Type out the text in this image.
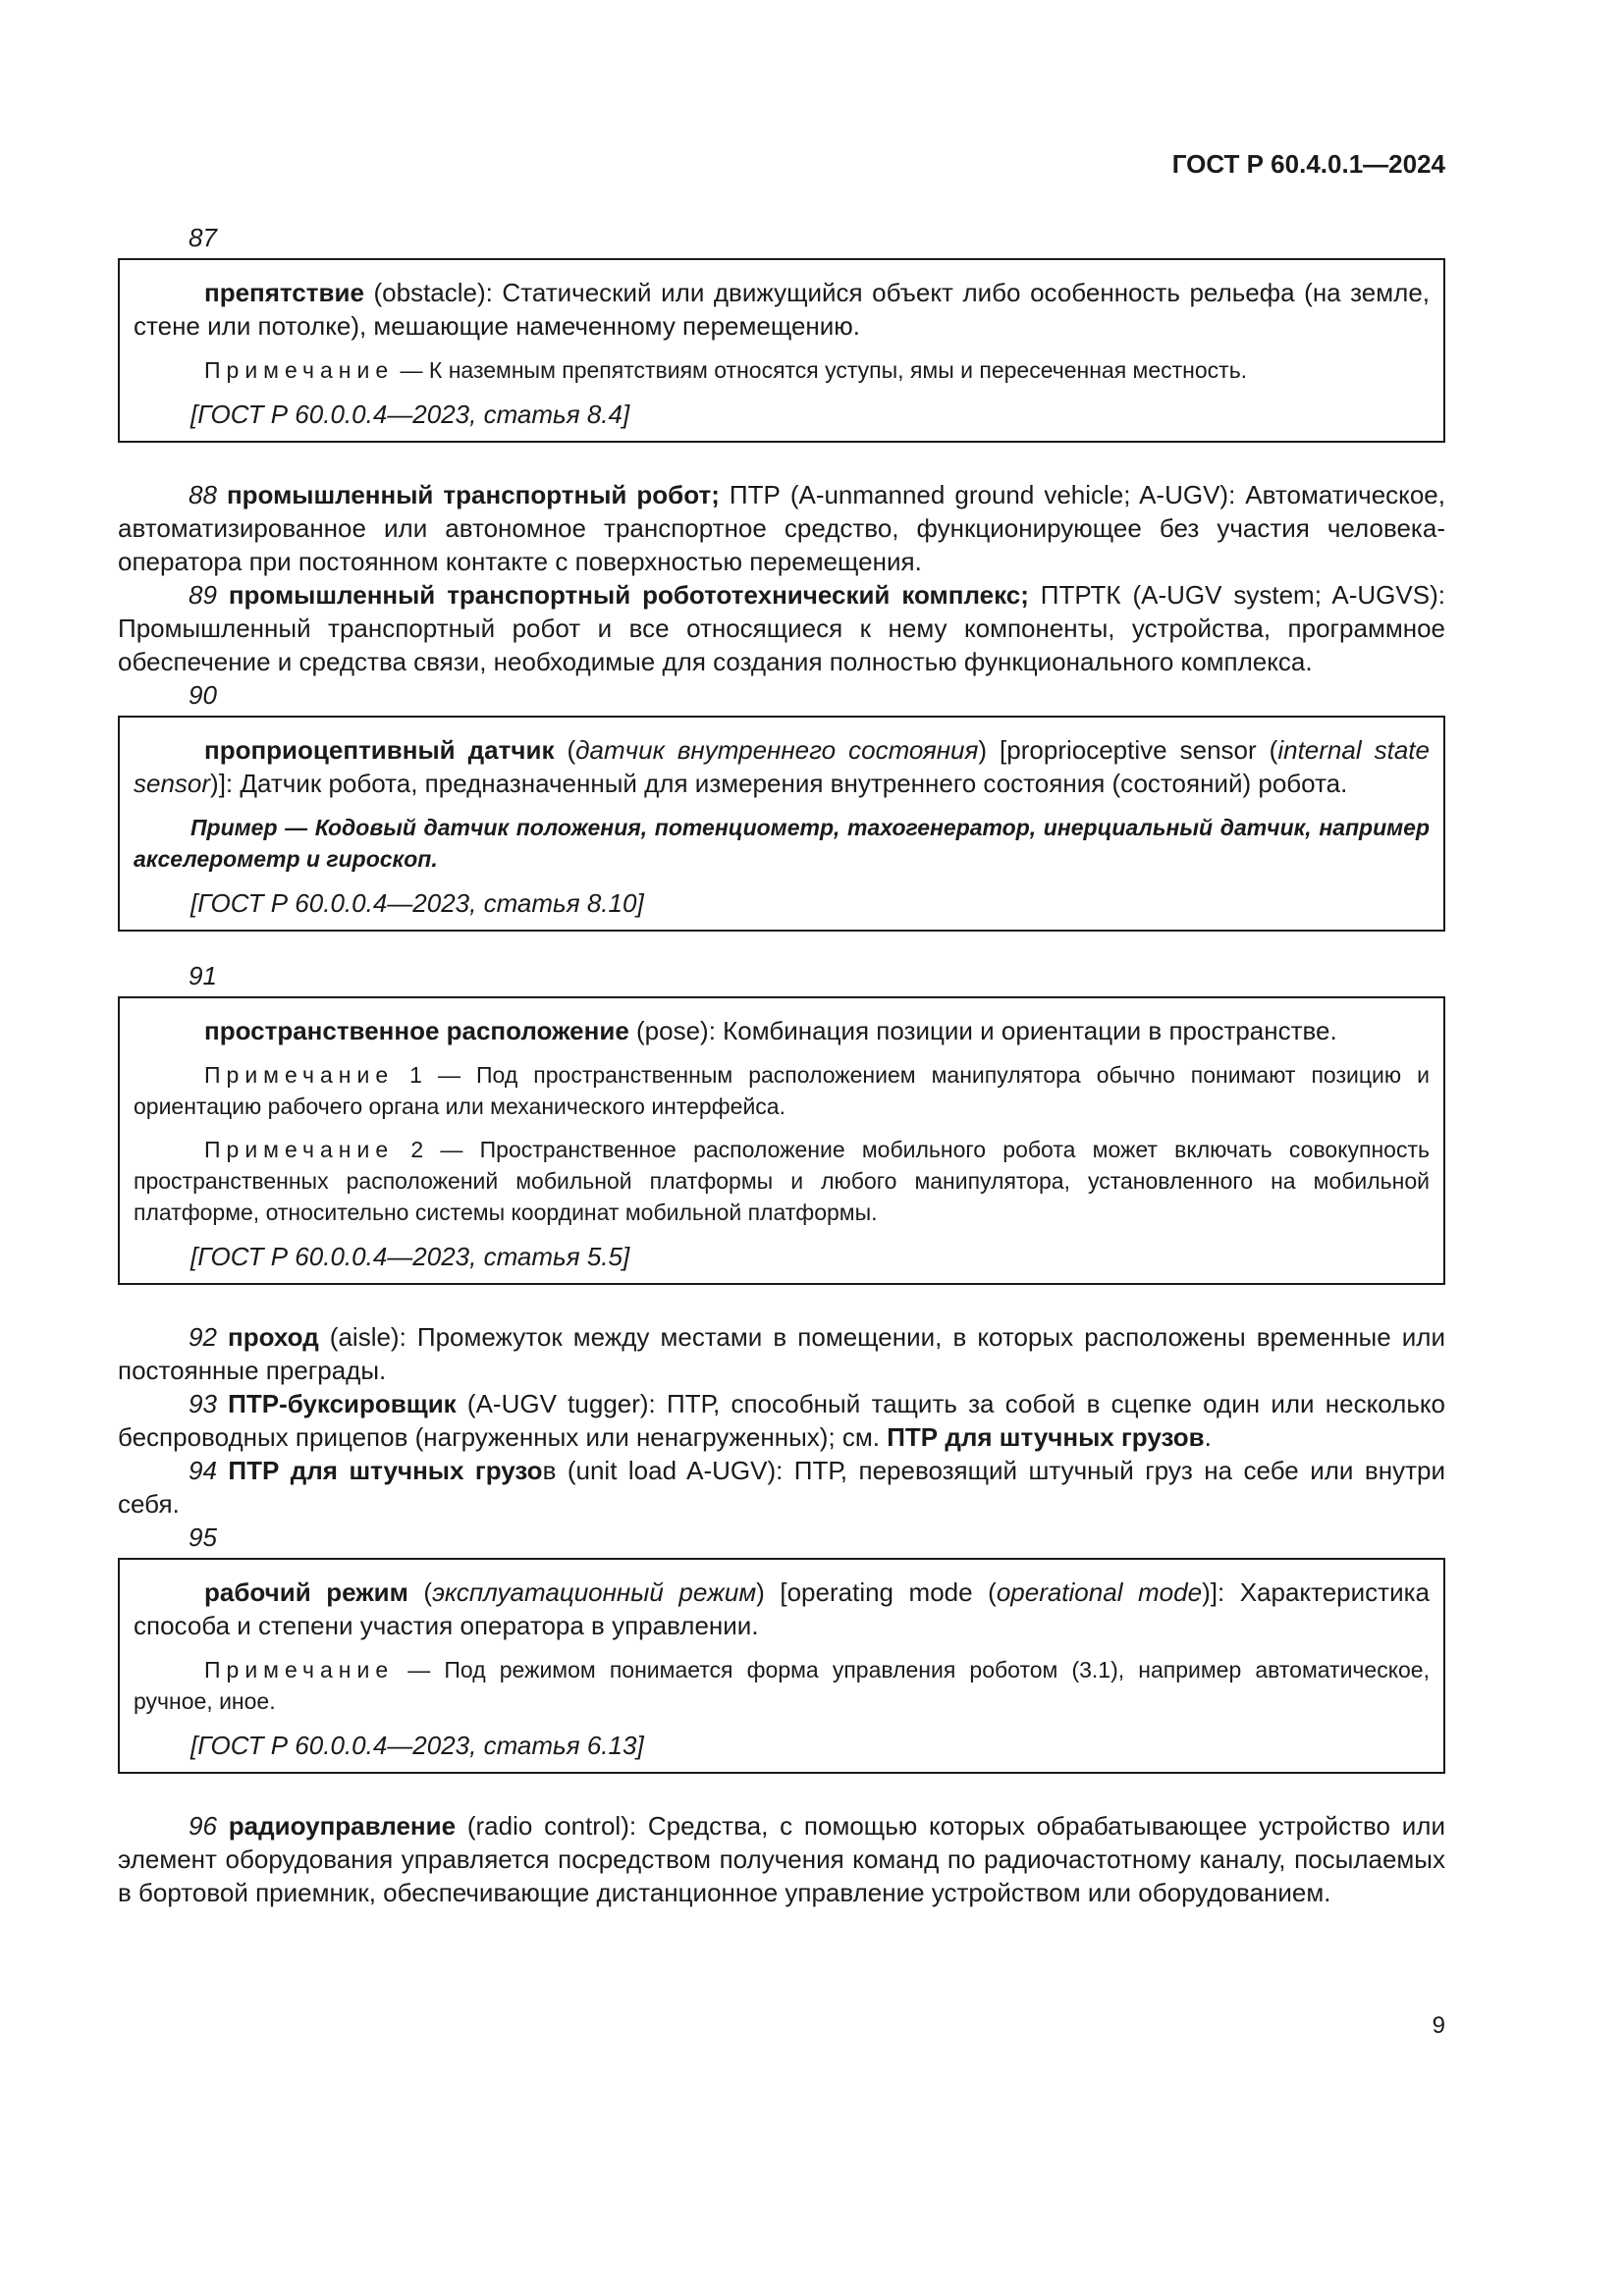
ГОСТ Р 60.4.0.1—2024
87

препятствие (obstacle): Статический или движущийся объект либо особенность рельефа (на земле, стене или потолке), мешающие намеченному перемещению.

Примечание — К наземным препятствиям относятся уступы, ямы и пересеченная местность.

[ГОСТ Р 60.0.0.4—2023, статья 8.4]

88 промышленный транспортный робот; ПТР (A-unmanned ground vehicle; A-UGV): Автоматическое, автоматизированное или автономное транспортное средство, функционирующее без участия человека-оператора при постоянном контакте с поверхностью перемещения.

89 промышленный транспортный робототехнический комплекс; ПТРТК (A-UGV system; A-UGVS): Промышленный транспортный робот и все относящиеся к нему компоненты, устройства, программное обеспечение и средства связи, необходимые для создания полностью функционального комплекса.

90

проприоцептивный датчик (датчик внутреннего состояния) [proprioceptive sensor (internal state sensor)]: Датчик робота, предназначенный для измерения внутреннего состояния (состояний) робота.

Пример — Кодовый датчик положения, потенциометр, тахогенератор, инерциальный датчик, например акселерометр и гироскоп.

[ГОСТ Р 60.0.0.4—2023, статья 8.10]

91

пространственное расположение (pose): Комбинация позиции и ориентации в пространстве.

Примечание 1 — Под пространственным расположением манипулятора обычно понимают позицию и ориентацию рабочего органа или механического интерфейса.

Примечание 2 — Пространственное расположение мобильного робота может включать совокупность пространственных расположений мобильной платформы и любого манипулятора, установленного на мобильной платформе, относительно системы координат мобильной платформы.

[ГОСТ Р 60.0.0.4—2023, статья 5.5]

92 проход (aisle): Промежуток между местами в помещении, в которых расположены временные или постоянные преграды.

93 ПТР-буксировщик (A-UGV tugger): ПТР, способный тащить за собой в сцепке один или несколько беспроводных прицепов (нагруженных или ненагруженных); см. ПТР для штучных грузов.

94 ПТР для штучных грузов (unit load A-UGV): ПТР, перевозящий штучный груз на себе или внутри себя.

95

рабочий режим (эксплуатационный режим) [operating mode (operational mode)]: Характеристика способа и степени участия оператора в управлении.

Примечание — Под режимом понимается форма управления роботом (3.1), например автоматическое, ручное, иное.

[ГОСТ Р 60.0.0.4—2023, статья 6.13]

96 радиоуправление (radio control): Средства, с помощью которых обрабатывающее устройство или элемент оборудования управляется посредством получения команд по радиочастотному каналу, посылаемых в бортовой приемник, обеспечивающие дистанционное управление устройством или оборудованием.

9
